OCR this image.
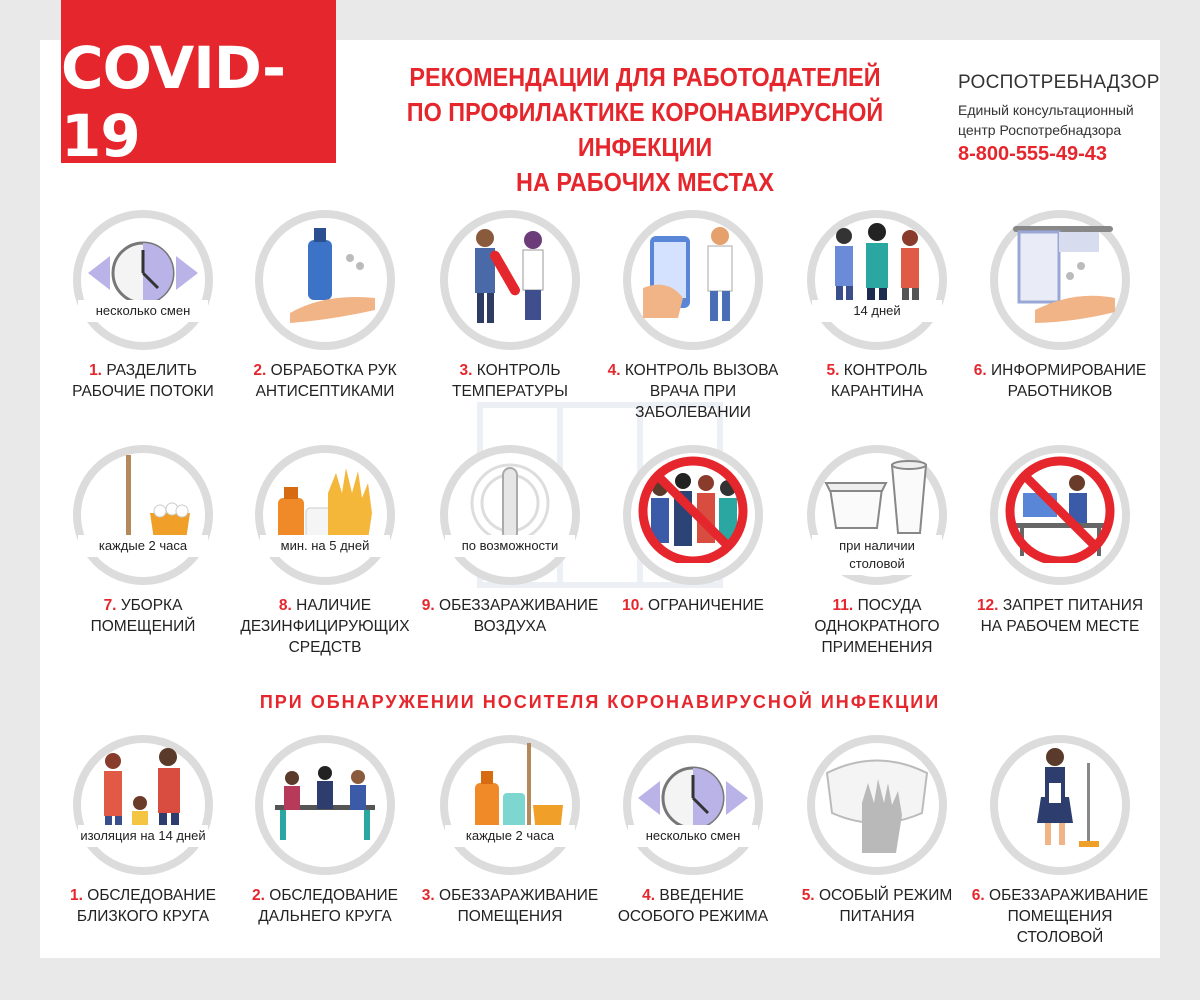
COVID-19
РЕКОМЕНДАЦИИ ДЛЯ РАБОТОДАТЕЛЕЙ
ПО ПРОФИЛАКТИКЕ КОРОНАВИРУСНОЙ ИНФЕКЦИИ
НА РАБОЧИХ МЕСТАХ
РОСПОТРЕБНАДЗОР
Единый консультационный
центр Роспотребнадзора
8-800-555-49-43
несколько смен
1. РАЗДЕЛИТЬ
РАБОЧИЕ ПОТОКИ
2. ОБРАБОТКА РУК
АНТИСЕПТИКАМИ
3. КОНТРОЛЬ
ТЕМПЕРАТУРЫ
4. КОНТРОЛЬ ВЫЗОВА
ВРАЧА ПРИ ЗАБОЛЕВАНИИ
14 дней
5. КОНТРОЛЬ
КАРАНТИНА
6. ИНФОРМИРОВАНИЕ
РАБОТНИКОВ
каждые 2 часа
7. УБОРКА
ПОМЕЩЕНИЙ
мин. на 5 дней
8. НАЛИЧИЕ
ДЕЗИНФИЦИРУЮЩИХ
СРЕДСТВ
по возможности
9. ОБЕЗЗАРАЖИВАНИЕ
ВОЗДУХА
10. ОГРАНИЧЕНИЕ
при наличии столовой
11. ПОСУДА
ОДНОКРАТНОГО
ПРИМЕНЕНИЯ
12. ЗАПРЕТ ПИТАНИЯ
НА РАБОЧЕМ МЕСТЕ
ПРИ ОБНАРУЖЕНИИ НОСИТЕЛЯ КОРОНАВИРУСНОЙ ИНФЕКЦИИ
изоляция на 14 дней
1. ОБСЛЕДОВАНИЕ
БЛИЗКОГО КРУГА
2. ОБСЛЕДОВАНИЕ
ДАЛЬНЕГО КРУГА
каждые 2 часа
3. ОБЕЗЗАРАЖИВАНИЕ
ПОМЕЩЕНИЯ
несколько смен
4. ВВЕДЕНИЕ
ОСОБОГО РЕЖИМА
5. ОСОБЫЙ РЕЖИМ
ПИТАНИЯ
6. ОБЕЗЗАРАЖИВАНИЕ
ПОМЕЩЕНИЯ СТОЛОВОЙ
